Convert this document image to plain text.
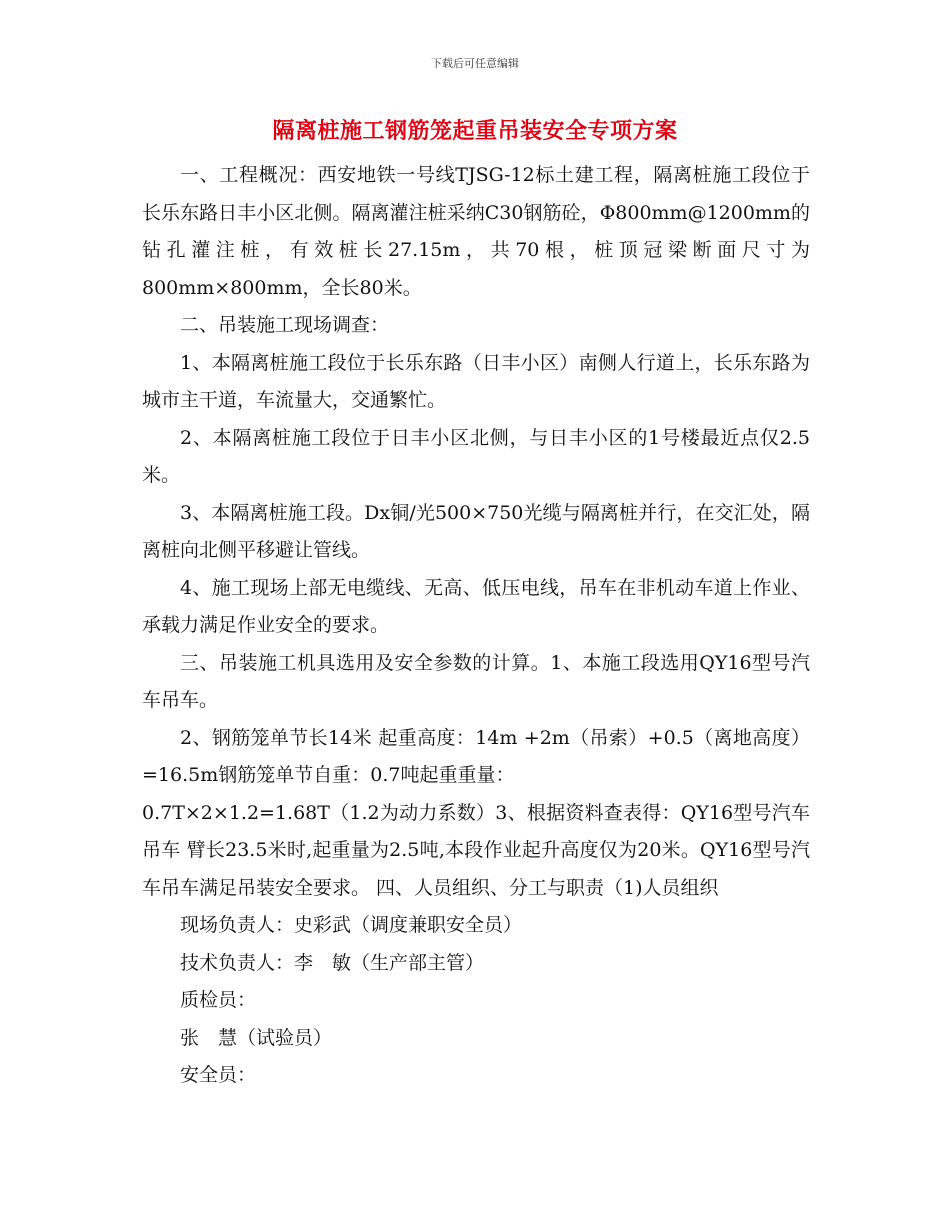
下载后可任意编辑
隔离桩施工钢筋笼起重吊装安全专项方案

一、工程概况：西安地铁一号线TJSG-12标土建工程，隔离桩施工段位于长乐东路日丰小区北侧。隔离灌注桩采纳C30钢筋砼，Φ800mm@1200mm的钻孔灌注桩，有效桩长27.15m，共70根，桩顶冠梁断面尺寸为800mm×800mm，全长80米。

二、吊装施工现场调查：

1、本隔离桩施工段位于长乐东路（日丰小区）南侧人行道上，长乐东路为城市主干道，车流量大，交通繁忙。

2、本隔离桩施工段位于日丰小区北侧，与日丰小区的1号楼最近点仅2.5米。

3、本隔离桩施工段。Dx铜/光500×750光缆与隔离桩并行，在交汇处，隔离桩向北侧平移避让管线。

4、施工现场上部无电缆线、无高、低压电线，吊车在非机动车道上作业、承载力满足作业安全的要求。

三、吊装施工机具选用及安全参数的计算。1、本施工段选用QY16型号汽车吊车。

2、钢筋笼单节长14米 起重高度：14m +2m（吊索）+0.5（离地高度）=16.5m钢筋笼单节自重：0.7吨起重重量：

0.7T×2×1.2=1.68T（1.2为动力系数）3、根据资料查表得：QY16型号汽车吊车 臂长23.5米时,起重量为2.5吨,本段作业起升高度仅为20米。QY16型号汽车吊车满足吊装安全要求。 四、人员组织、分工与职责（1)人员组织

现场负责人：史彩武（调度兼职安全员）

技术负责人：李　敏（生产部主管）

质检员：

张　慧（试验员）

安全员：
